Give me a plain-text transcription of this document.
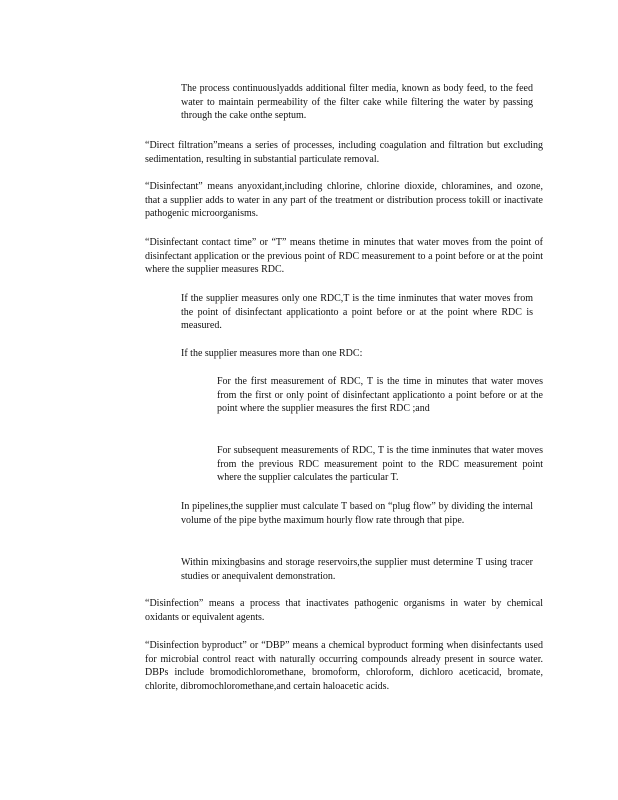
The process continuouslyadds additional filter media, known as body feed, to the feed water to maintain permeability of the filter cake while filtering the water by passing through the cake onthe septum.

“Direct filtration”means a series of processes, including coagulation and filtration but excluding sedimentation, resulting in substantial particulate removal.

“Disinfectant” means anyoxidant,including chlorine, chlorine dioxide, chloramines, and ozone, that a supplier adds to water in any part of the treatment or distribution process tokill or inactivate pathogenic microorganisms.

“Disinfectant contact time” or “T” means thetime in minutes that water moves from the point of disinfectant application or the previous point of RDC measurement to a point before or at the point where the supplier measures RDC.

If the supplier measures only one RDC,T is the time inminutes that water moves from the point of disinfectant applicationto a point before or at the point where RDC is measured.

If the supplier measures more than one RDC:

For the first measurement of RDC, T is the time in minutes that water moves from the first or only point of disinfectant applicationto a point before or at the point where the supplier measures the first RDC ;and

For subsequent measurements of RDC, T is the time inminutes that water moves from the previous RDC measurement point to the RDC measurement point where the supplier calculates the particular T.

In pipelines,the supplier must calculate T based on “plug flow” by dividing the internal volume of the pipe bythe maximum hourly flow rate through that pipe.

Within mixingbasins and storage reservoirs,the supplier must determine T using tracer studies or anequivalent demonstration.

“Disinfection” means a process that inactivates pathogenic organisms in water by chemical oxidants or equivalent agents.

“Disinfection byproduct” or “DBP” means a chemical byproduct forming when disinfectants used for microbial control react with naturally occurring compounds already present in source water. DBPs include bromodichloromethane, bromoform, chloroform, dichloro aceticacid, bromate, chlorite, dibromochloromethane,and certain haloacetic acids.
